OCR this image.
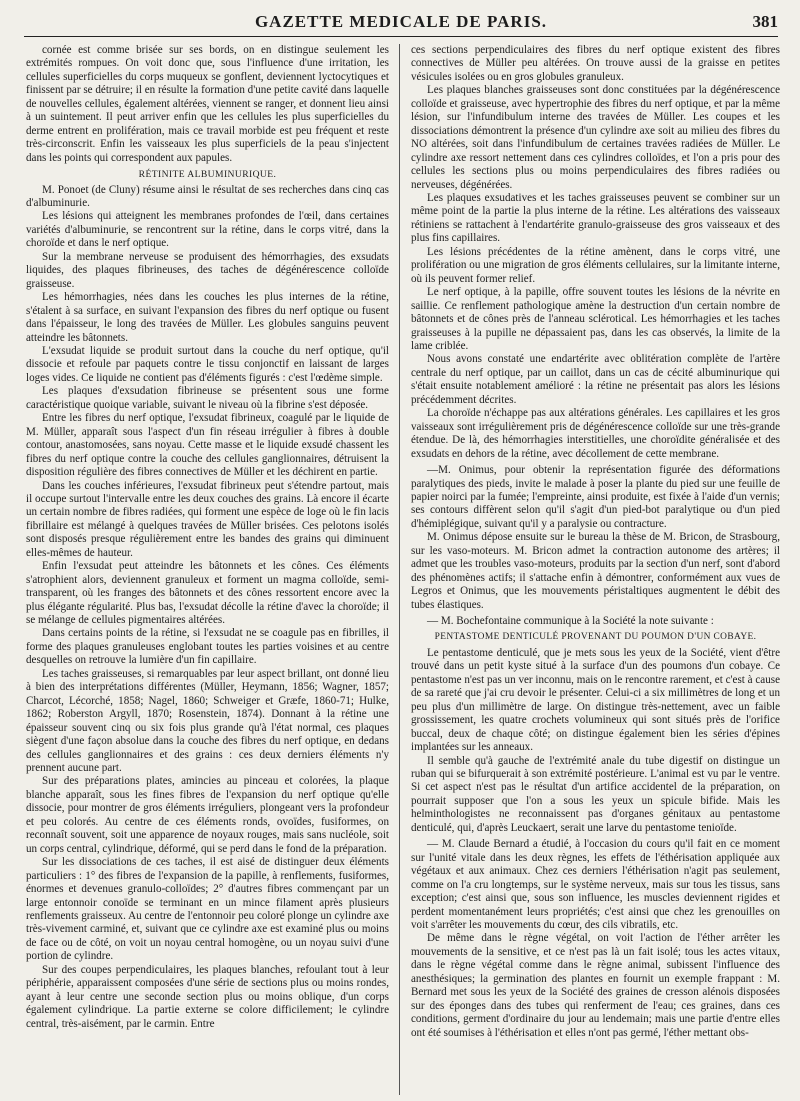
GAZETTE MEDICALE DE PARIS.	381

cornée est comme brisée sur ses bords, on en distingue seulement les extrémités rompues. On voit donc que, sous l'influence d'une irritation, les cellules superficielles du corps muqueux se gonflent, deviennent lyctocytiques et finissent par se détruire; il en résulte la formation d'une petite cavité dans laquelle de nouvelles cellules, également altérées, viennent se ranger, et donnent lieu ainsi à un suintement. Il peut arriver enfin que les cellules les plus superficielles du derme entrent en prolifération, mais ce travail morbide est peu fréquent et reste très-circonscrit. Enfin les vaisseaux les plus superficiels de la peau s'injectent dans les points qui correspondent aux papules.

RÉTINITE ALBUMINURIQUE.

M. Ponoet (de Cluny) résume ainsi le résultat de ses recherches dans cinq cas d'albuminurie.

Les lésions qui atteignent les membranes profondes de l'œil, dans certaines variétés d'albuminurie, se rencontrent sur la rétine, dans le corps vitré, dans la choroïde et dans le nerf optique.

Sur la membrane nerveuse se produisent des hémorrhagies, des exsudats liquides, des plaques fibrineuses, des taches de dégénérescence colloïde graisseuse.

Les hémorrhagies, nées dans les couches les plus internes de la rétine, s'étalent à sa surface, en suivant l'expansion des fibres du nerf optique ou fusent dans l'épaisseur, le long des travées de Müller. Les globules sanguins peuvent atteindre les bâtonnets.

L'exsudat liquide se produit surtout dans la couche du nerf optique, qu'il dissocie et refoule par paquets contre le tissu conjonctif en laissant de larges loges vides. Ce liquide ne contient pas d'éléments figurés : c'est l'œdème simple.

Les plaques d'exsudation fibrineuse se présentent sous une forme caractéristique quoique variable, suivant le niveau où la fibrine s'est déposée.

Entre les fibres du nerf optique, l'exsudat fibrineux, coagulé par le liquide de M. Müller, apparaît sous l'aspect d'un fin réseau irrégulier à fibres à double contour, anastomosées, sans noyau. Cette masse et le liquide exsudé chassent les fibres du nerf optique contre la couche des cellules ganglionnaires, détruisent la disposition régulière des fibres connectives de Müller et les déchirent en partie.

Dans les couches inférieures, l'exsudat fibrineux peut s'étendre partout, mais il occupe surtout l'intervalle entre les deux couches des grains. Là encore il écarte un certain nombre de fibres radiées, qui forment une espèce de loge où le fin lacis fibrillaire est mélangé à quelques travées de Müller brisées. Ces pelotons isolés sont disposés presque régulièrement entre les bandes des grains qui diminuent elles-mêmes de hauteur.

Enfin l'exsudat peut atteindre les bâtonnets et les cônes. Ces éléments s'atrophient alors, deviennent granuleux et forment un magma colloïde, semi-transparent, où les franges des bâtonnets et des cônes ressortent encore avec la plus élégante régularité. Plus bas, l'exsudat décolle la rétine d'avec la choroïde; il se mélange de cellules pigmentaires altérées.

Dans certains points de la rétine, si l'exsudat ne se coagule pas en fibrilles, il forme des plaques granuleuses englobant toutes les parties voisines et au centre desquelles on retrouve la lumière d'un fin capillaire.

Les taches graisseuses, si remarquables par leur aspect brillant, ont donné lieu à bien des interprétations différentes (Müller, Heymann, 1856; Wagner, 1857; Charcot, Lécorché, 1858; Nagel, 1860; Schweiger et Græfe, 1860-71; Hulke, 1862; Roberston Argyll, 1870; Rosenstein, 1874). Donnant à la rétine une épaisseur souvent cinq ou six fois plus grande qu'à l'état normal, ces plaques siègent d'une façon absolue dans la couche des fibres du nerf optique, en dedans des cellules ganglionnaires et des grains : ces deux derniers éléments n'y prennent aucune part.

Sur des préparations plates, amincies au pinceau et colorées, la plaque blanche apparaît, sous les fines fibres de l'expansion du nerf optique qu'elle dissocie, pour montrer de gros éléments irréguliers, plongeant vers la profondeur et peu colorés. Au centre de ces éléments ronds, ovoïdes, fusiformes, on reconnaît souvent, soit une apparence de noyaux rouges, mais sans nucléole, soit un corps central, cylindrique, déformé, qui se perd dans le fond de la préparation.

Sur les dissociations de ces taches, il est aisé de distinguer deux éléments particuliers : 1° des fibres de l'expansion de la papille, à renflements, fusiformes, énormes et devenues granulo-colloïdes; 2° d'autres fibres commençant par un large entonnoir conoïde se terminant en un mince filament après plusieurs renflements graisseux. Au centre de l'entonnoir peu coloré plonge un cylindre axe très-vivement carminé, et, suivant que ce cylindre axe est examiné plus ou moins de face ou de côté, on voit un noyau central homogène, ou un noyau suivi d'une portion de cylindre.

Sur des coupes perpendiculaires, les plaques blanches, refoulant tout à leur périphérie, apparaissent composées d'une série de sections plus ou moins rondes, ayant à leur centre une seconde section plus ou moins oblique, d'un corps également cylindrique. La partie externe se colore difficilement; le cylindre central, très-aisément, par le carmin. Entre

ces sections perpendiculaires des fibres du nerf optique existent des fibres connectives de Müller peu altérées. On trouve aussi de la graisse en petites vésicules isolées ou en gros globules granuleux.

Les plaques blanches graisseuses sont donc constituées par la dégénérescence colloïde et graisseuse, avec hypertrophie des fibres du nerf optique, et par la même lésion, sur l'infundibulum interne des travées de Müller. Les coupes et les dissociations démontrent la présence d'un cylindre axe soit au milieu des fibres du NO altérées, soit dans l'infundibulum de certaines travées radiées de Müller. Le cylindre axe ressort nettement dans ces cylindres colloïdes, et l'on a pris pour des cellules les sections plus ou moins perpendiculaires des fibres radiées ou nerveuses, dégénérées.

Les plaques exsudatives et les taches graisseuses peuvent se combiner sur un même point de la partie la plus interne de la rétine. Les altérations des vaisseaux rétiniens se rattachent à l'endartérite granulo-graisseuse des gros vaisseaux et des plus fins capillaires.

Les lésions précédentes de la rétine amènent, dans le corps vitré, une prolifération ou une migration de gros éléments cellulaires, sur la limitante interne, où ils peuvent former relief.

Le nerf optique, à la papille, offre souvent toutes les lésions de la névrite en saillie. Ce renflement pathologique amène la destruction d'un certain nombre de bâtonnets et de cônes près de l'anneau sclérotical. Les hémorrhagies et les taches graisseuses à la pupille ne dépassaient pas, dans les cas observés, la limite de la lame criblée.

Nous avons constaté une endartérite avec oblitération complète de l'artère centrale du nerf optique, par un caillot, dans un cas de cécité albuminurique qui s'était ensuite notablement amélioré : la rétine ne présentait pas alors les lésions précédemment décrites.

La choroïde n'échappe pas aux altérations générales. Les capillaires et les gros vaisseaux sont irrégulièrement pris de dégénérescence colloïde sur une très-grande étendue. De là, des hémorrhagies interstitielles, une choroïdite généralisée et des exsudats en dehors de la rétine, avec décollement de cette membrane.

—M. Onimus, pour obtenir la représentation figurée des déformations paralytiques des pieds, invite le malade à poser la plante du pied sur une feuille de papier noirci par la fumée; l'empreinte, ainsi produite, est fixée à l'aide d'un vernis; ses contours diffèrent selon qu'il s'agit d'un pied-bot paralytique ou d'un pied d'hémiplégique, suivant qu'il y a paralysie ou contracture.

M. Onimus dépose ensuite sur le bureau la thèse de M. Bricon, de Strasbourg, sur les vaso-moteurs. M. Bricon admet la contraction autonome des artères; il admet que les troubles vaso-moteurs, produits par la section d'un nerf, sont d'abord des phénomènes actifs; il s'attache enfin à démontrer, conformément aux vues de Legros et Onimus, que les mouvements péristaltiques augmentent le débit des tubes élastiques.

— M. Bochefontaine communique à la Société la note suivante :

PENTASTOME DENTICULÉ PROVENANT DU POUMON D'UN COBAYE.

Le pentastome denticulé, que je mets sous les yeux de la Société, vient d'être trouvé dans un petit kyste situé à la surface d'un des poumons d'un cobaye. Ce pentastome n'est pas un ver inconnu, mais on le rencontre rarement, et c'est à cause de sa rareté que j'ai cru devoir le présenter. Celui-ci a six millimètres de long et un peu plus d'un millimètre de large. On distingue très-nettement, avec un faible grossissement, les quatre crochets volumineux qui sont situés près de l'orifice buccal, deux de chaque côté; on distingue également bien les séries d'épines implantées sur les anneaux.

Il semble qu'à gauche de l'extrémité anale du tube digestif on distingue un ruban qui se bifurquerait à son extrémité postérieure. L'animal est vu par le ventre. Si cet aspect n'est pas le résultat d'un artifice accidentel de la préparation, on pourrait supposer que l'on a sous les yeux un spicule bifide. Mais les helminthologistes ne reconnaissent pas d'organes génitaux au pentastome denticulé, qui, d'après Leuckaert, serait une larve du pentastome tenioïde.

— M. Claude Bernard a étudié, à l'occasion du cours qu'il fait en ce moment sur l'unité vitale dans les deux règnes, les effets de l'éthérisation appliquée aux végétaux et aux animaux. Chez ces derniers l'éthérisation n'agit pas seulement, comme on l'a cru longtemps, sur le système nerveux, mais sur tous les tissus, sans exception; c'est ainsi que, sous son influence, les muscles deviennent rigides et perdent momentanément leurs propriétés; c'est ainsi que chez les grenouilles on voit s'arrêter les mouvements du cœur, des cils vibratils, etc.

De même dans le règne végétal, on voit l'action de l'éther arrêter les mouvements de la sensitive, et ce n'est pas là un fait isolé; tous les actes vitaux, dans le règne végétal comme dans le règne animal, subissent l'influence des anesthésiques; la germination des plantes en fournit un exemple frappant : M. Bernard met sous les yeux de la Société des graines de cresson alénois disposées sur des éponges dans des tubes qui renferment de l'eau; ces graines, dans ces conditions, germent d'ordinaire du jour au lendemain; mais une partie d'entre elles ont été soumises à l'éthérisation et elles n'ont pas germé, l'éther mettant obs-
